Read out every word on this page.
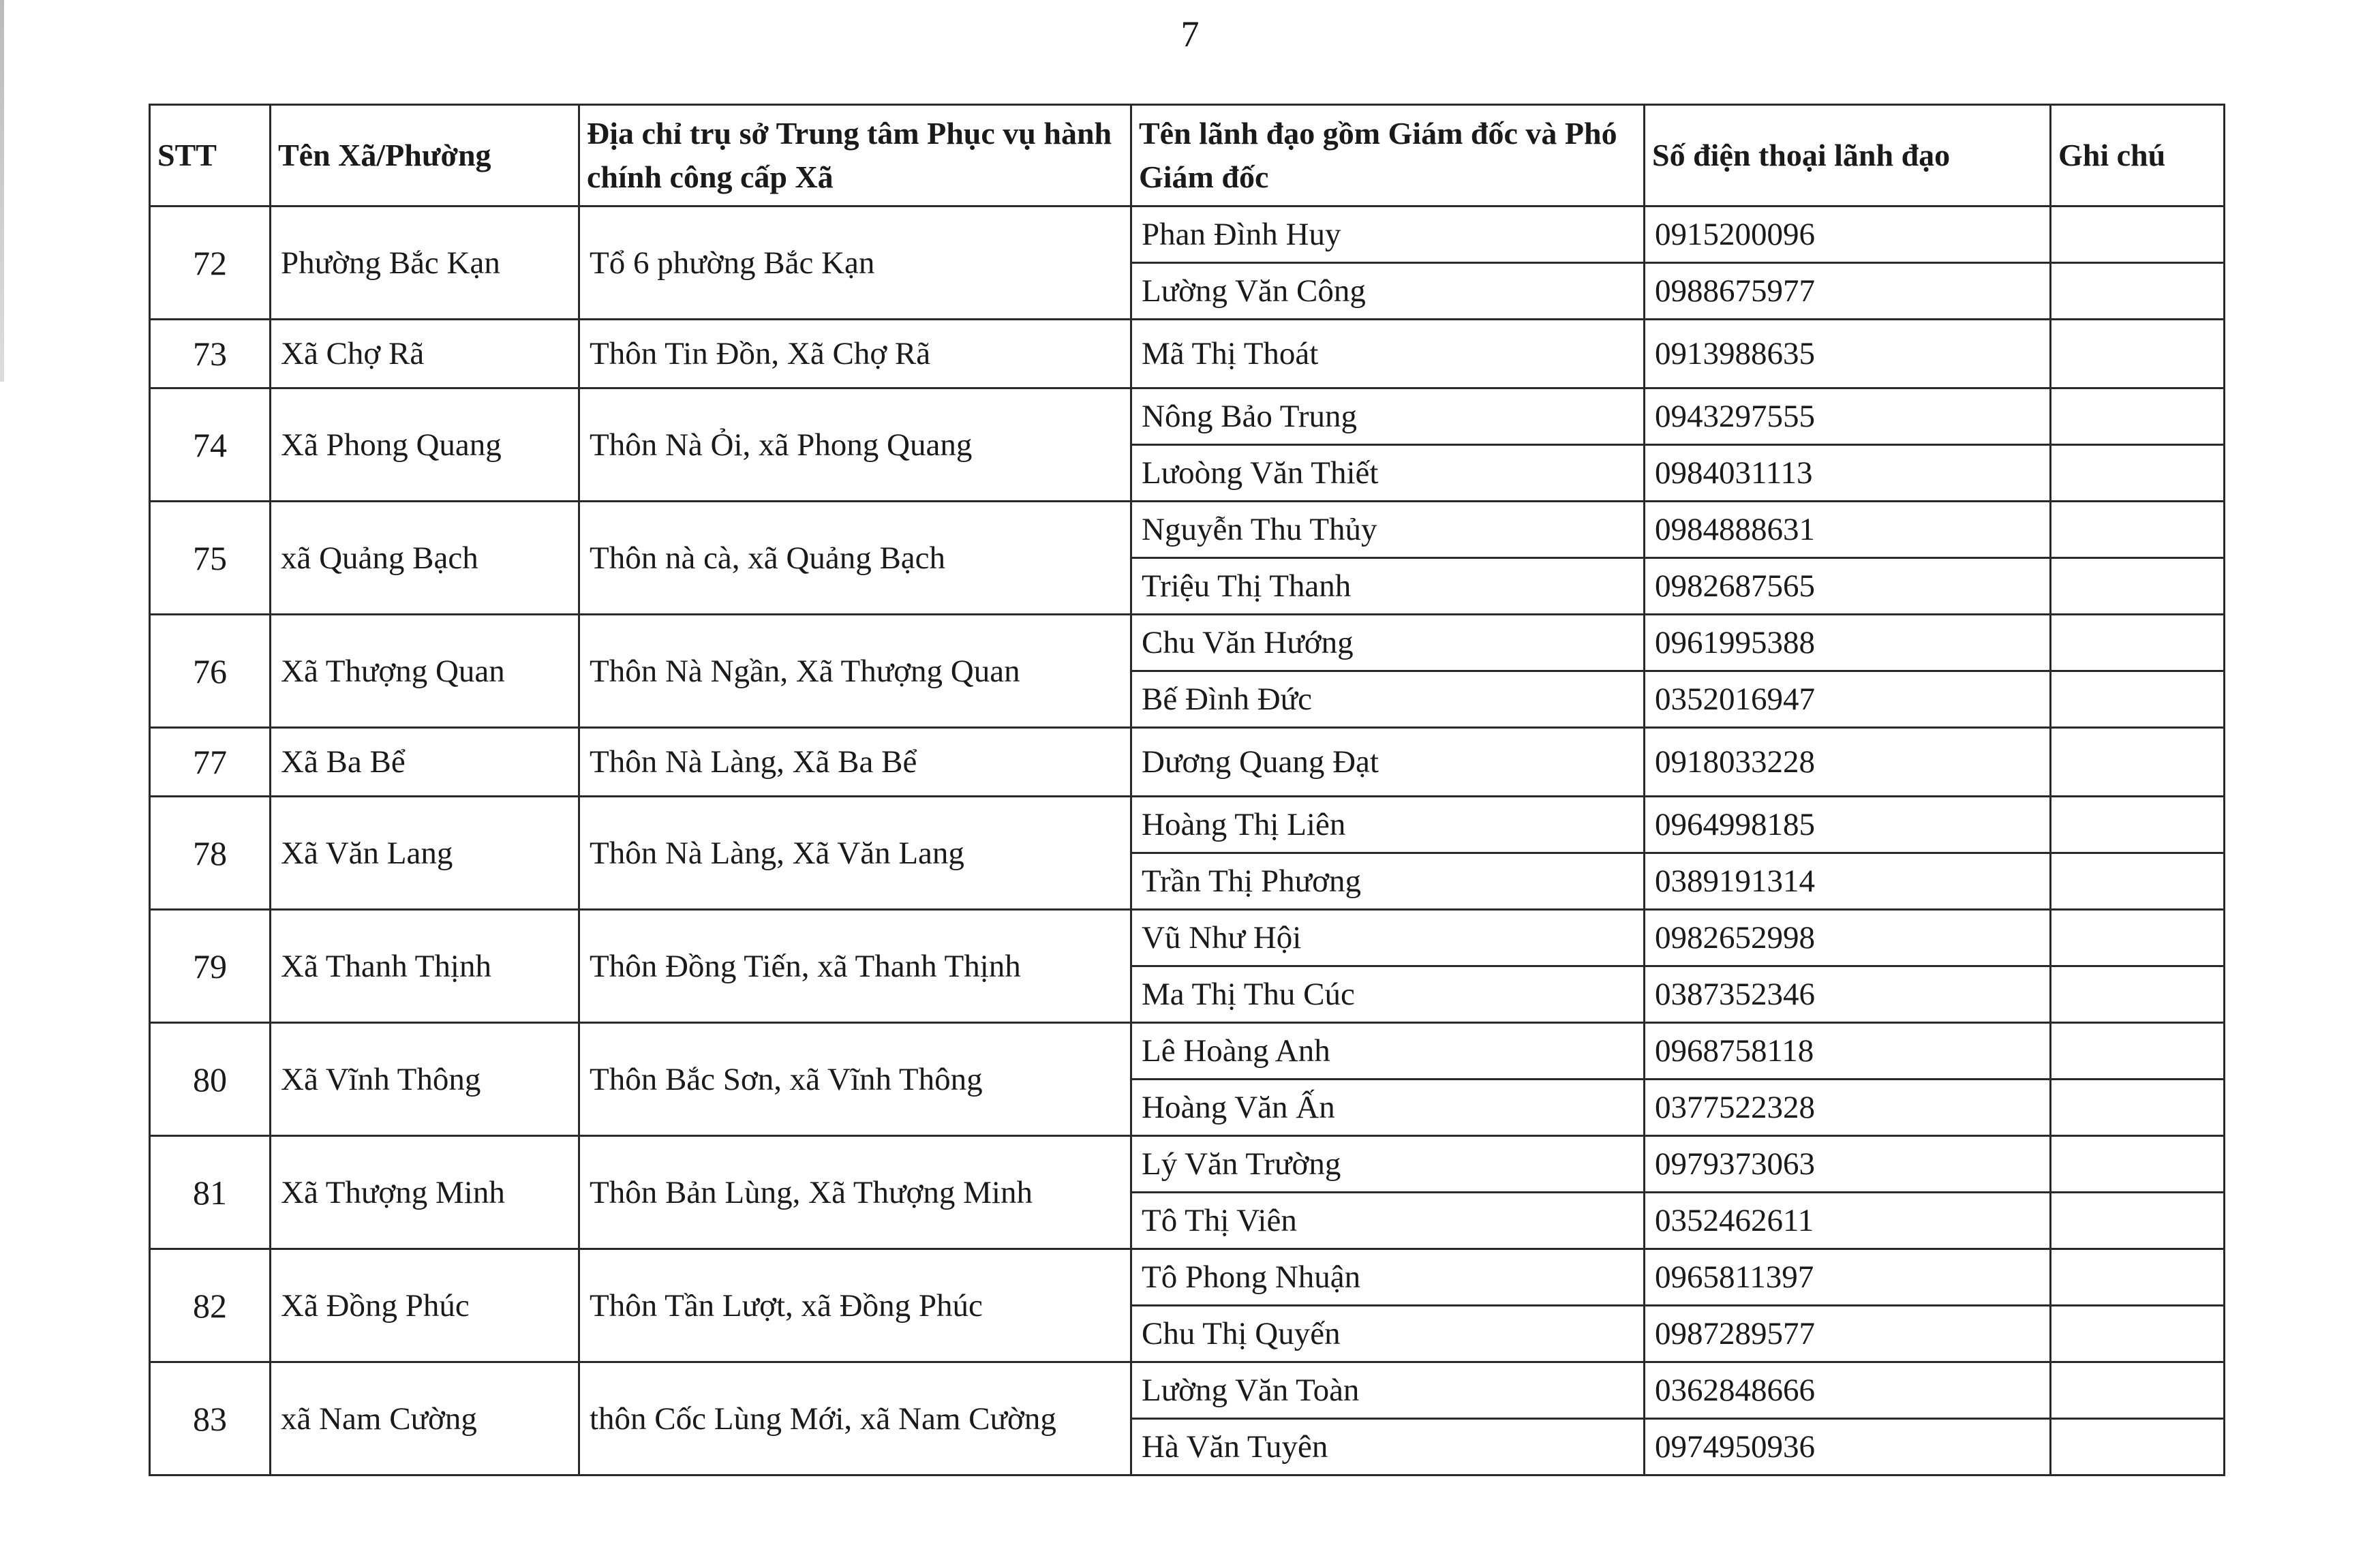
7
STT	Tên Xã/Phường	Địa chỉ trụ sở Trung tâm Phục vụ hành chính công cấp Xã	Tên lãnh đạo gồm Giám đốc và Phó Giám đốc	Số điện thoại lãnh đạo	Ghi chú
72	Phường Bắc Kạn	Tổ 6 phường Bắc Kạn	Phan Đình Huy	0915200096	
			Lường Văn Công	0988675977	
73	Xã Chợ Rã	Thôn Tin Đồn, Xã Chợ Rã	Mã Thị Thoát	0913988635	
74	Xã Phong Quang	Thôn Nà Ỏi, xã Phong Quang	Nông Bảo Trung	0943297555	
			Lưoòng Văn Thiết	0984031113	
75	xã Quảng Bạch	Thôn nà cà, xã Quảng Bạch	Nguyễn Thu Thủy	0984888631	
			Triệu Thị Thanh	0982687565	
76	Xã Thượng Quan	Thôn Nà Ngần, Xã Thượng Quan	Chu Văn Hướng	0961995388	
			Bế Đình Đức	0352016947	
77	Xã Ba Bể	Thôn Nà Làng, Xã Ba Bể	Dương Quang Đạt	0918033228	
78	Xã Văn Lang	Thôn Nà Làng, Xã Văn Lang	Hoàng Thị Liên	0964998185	
			Trần Thị Phương	0389191314	
79	Xã Thanh Thịnh	Thôn Đồng Tiến, xã Thanh Thịnh	Vũ Như Hội	0982652998	
			Ma Thị Thu Cúc	0387352346	
80	Xã Vĩnh Thông	Thôn Bắc Sơn, xã Vĩnh Thông	Lê Hoàng Anh	0968758118	
			Hoàng Văn Ấn	0377522328	
81	Xã Thượng Minh	Thôn Bản Lùng, Xã Thượng Minh	Lý Văn Trường	0979373063	
			Tô Thị Viên	0352462611	
82	Xã Đồng Phúc	Thôn Tần Lượt, xã Đồng Phúc	Tô Phong Nhuận	0965811397	
			Chu Thị Quyến	0987289577	
83	xã Nam Cường	thôn Cốc Lùng Mới, xã Nam Cường	Lường Văn Toàn	0362848666	
			Hà Văn Tuyên	0974950936	
